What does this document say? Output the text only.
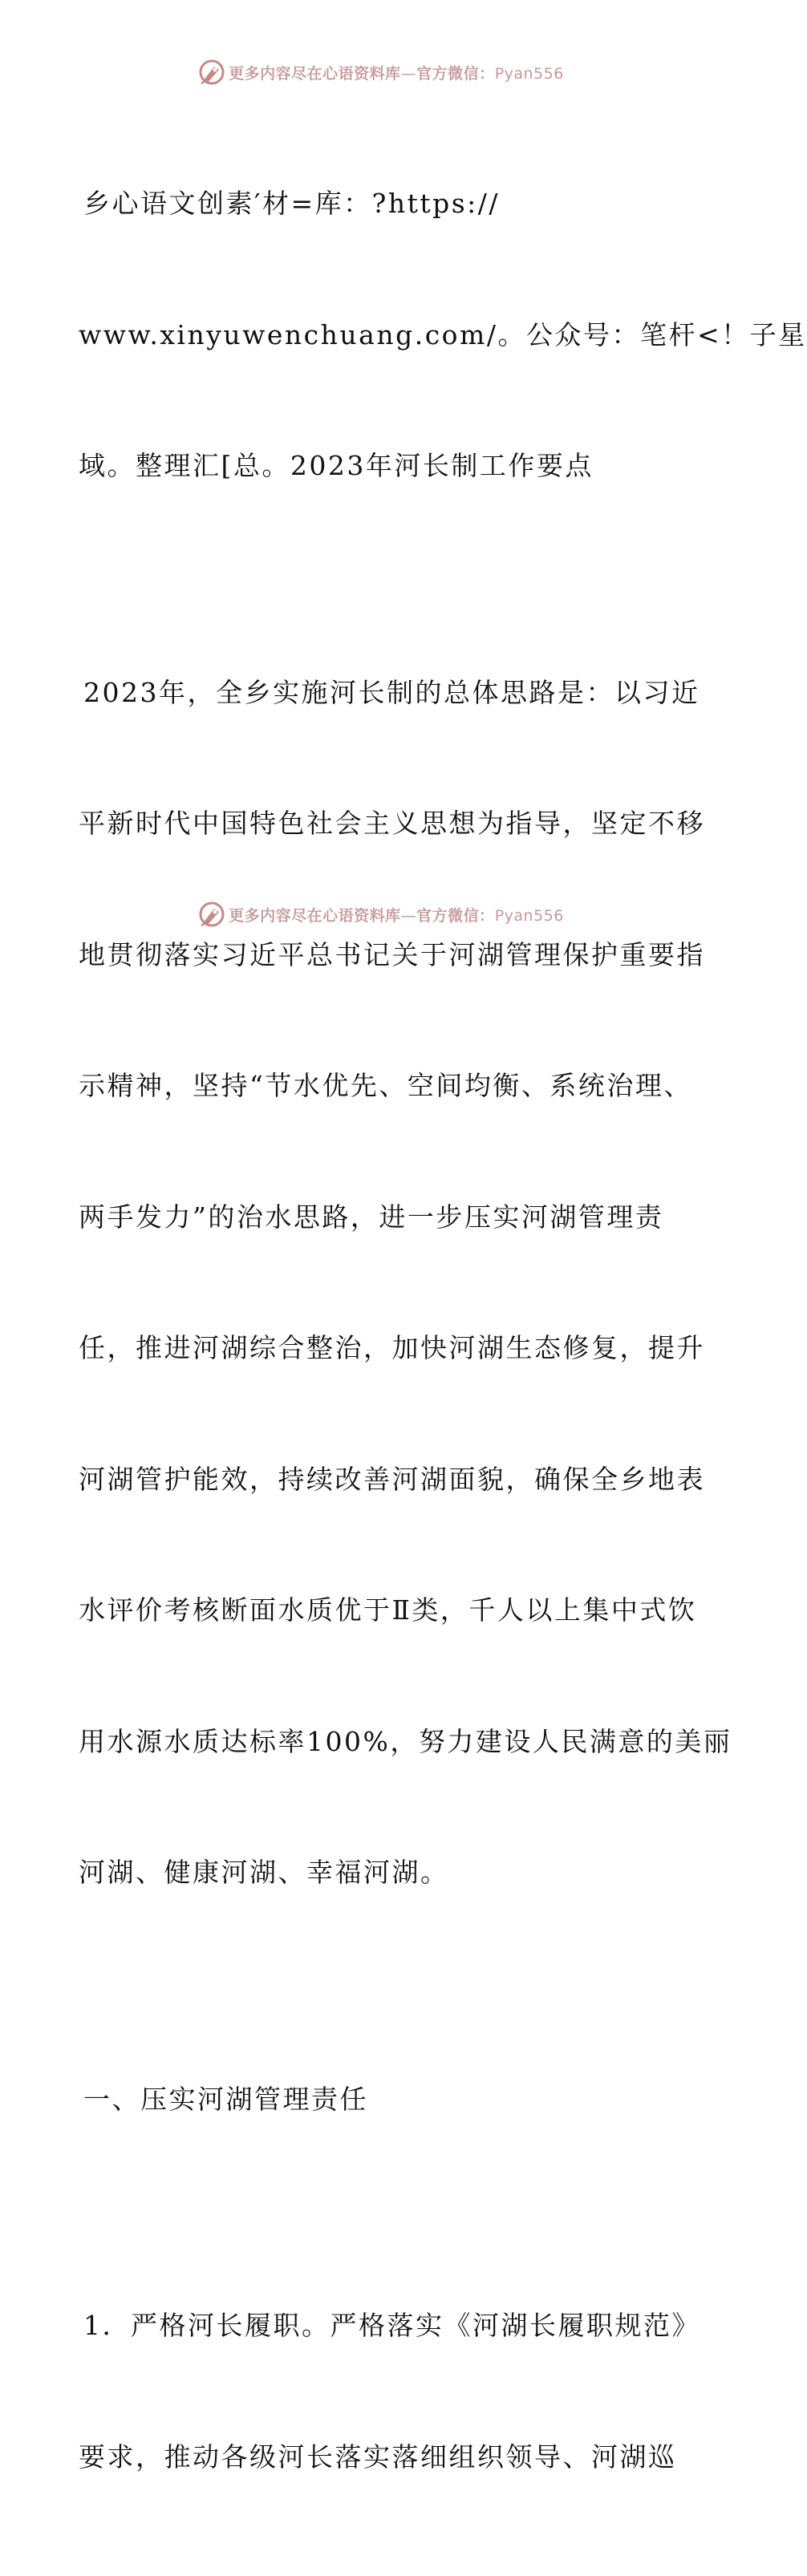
更多内容尽在心语资料库—官方微信：Pyan556

乡心语文创素′材=库：?https://

www.xinyuwenchuang.com/。公众号：笔杆<！子星

域。整理汇[总。2023年河长制工作要点

2023年，全乡实施河长制的总体思路是：以习近

平新时代中国特色社会主义思想为指导，坚定不移

地贯彻落实习近平总书记关于河湖管理保护重要指

示精神，坚持“节水优先、空间均衡、系统治理、

两手发力”的治水思路，进一步压实河湖管理责

任，推进河湖综合整治，加快河湖生态修复，提升

河湖管护能效，持续改善河湖面貌，确保全乡地表

水评价考核断面水质优于Ⅱ类，千人以上集中式饮

用水源水质达标率100%，努力建设人民满意的美丽

河湖、健康河湖、幸福河湖。

一、压实河湖管理责任

1．严格河长履职。严格落实《河湖长履职规范》

要求，推动各级河长落实落细组织领导、河湖巡

更多内容尽在心语资料库—官方微信：Pyan556
